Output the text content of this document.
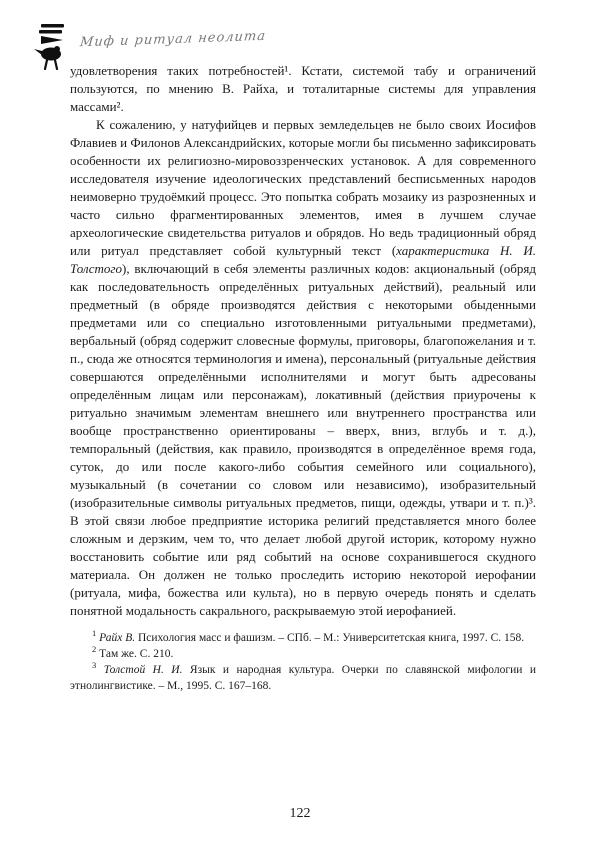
Миф и ритуал неолита

удовлетворения таких потребностей¹. Кстати, системой табу и ограничений пользуются, по мнению В. Райха, и тоталитарные системы для управления массами².

К сожалению, у натуфийцев и первых земледельцев не было своих Иосифов Флавиев и Филонов Александрийских, которые могли бы письменно зафиксировать особенности их религиозно-мировоззренческих установок. А для современного исследователя изучение идеологических представлений бесписьменных народов неимоверно трудоёмкий процесс. Это попытка собрать мозаику из разрозненных и часто сильно фрагментированных элементов, имея в лучшем случае археологические свидетельства ритуалов и обрядов. Но ведь традиционный обряд или ритуал представляет собой культурный текст (характеристика Н. И. Толстого), включающий в себя элементы различных кодов: акциональный (обряд как последовательность определённых ритуальных действий), реальный или предметный (в обряде производятся действия с некоторыми обыденными предметами или со специально изготовленными ритуальными предметами), вербальный (обряд содержит словесные формулы, приговоры, благопожелания и т. п., сюда же относятся терминология и имена), персональный (ритуальные действия совершаются определёнными исполнителями и могут быть адресованы определённым лицам или персонажам), локативный (действия приурочены к ритуально значимым элементам внешнего или внутреннего пространства или вообще пространственно ориентированы – вверх, вниз, вглубь и т. д.), темпоральный (действия, как правило, производятся в определённое время года, суток, до или после какого-либо события семейного или социального), музыкальный (в сочетании со словом или независимо), изобразительный (изобразительные символы ритуальных предметов, пищи, одежды, утвари и т. п.)³. В этой связи любое предприятие историка религий представляется много более сложным и дерзким, чем то, что делает любой другой историк, которому нужно восстановить событие или ряд событий на основе сохранившегося скудного материала. Он должен не только проследить историю некоторой иерофании (ритуала, мифа, божества или культа), но в первую очередь понять и сделать понятной модальность сакрального, раскрываемую этой иерофанией.

$^1$ Райх В. Психология масс и фашизм. – СПб. – М.: Университетская книга, 1997. С. 158.

$^2$ Там же. С. 210.

$^3$ Толстой Н. И. Язык и народная культура. Очерки по славянской мифологии и этнолингвистике. – М., 1995. С. 167–168.

122
